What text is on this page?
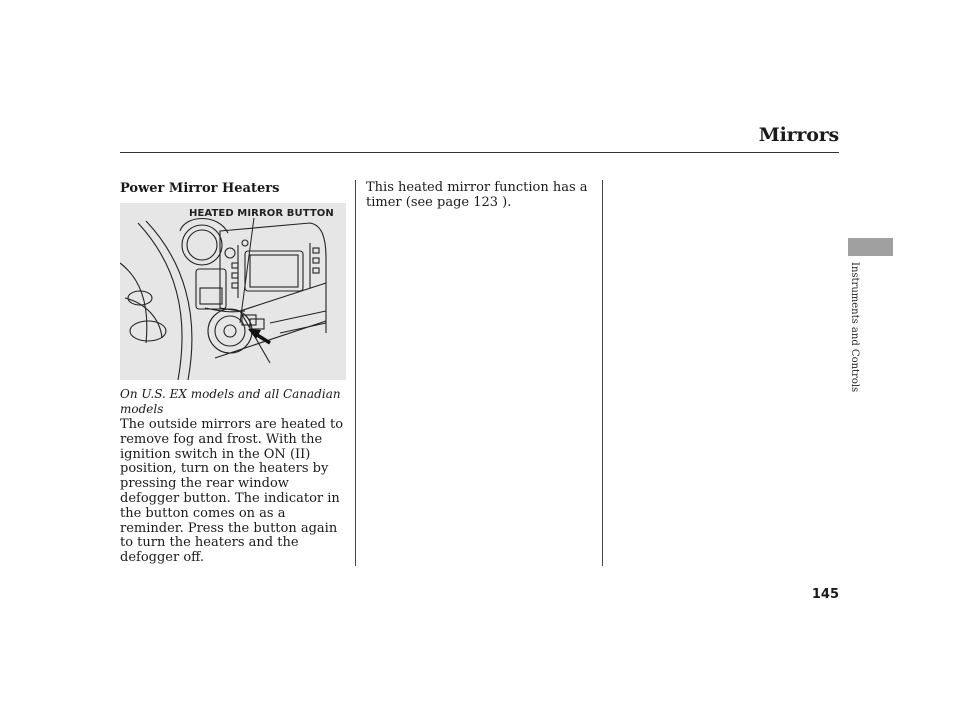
Mirrors
Power Mirror Heaters
HEATED MIRROR BUTTON
On U.S. EX models and all Canadian models
The outside mirrors are heated to remove fog and frost. With the ignition switch in the ON (II) position, turn on the heaters by pressing the rear window defogger button. The indicator in the button comes on as a reminder. Press the button again to turn the heaters and the defogger off.
This heated mirror function has a timer (see page 123 ).
Instruments and Controls
145
